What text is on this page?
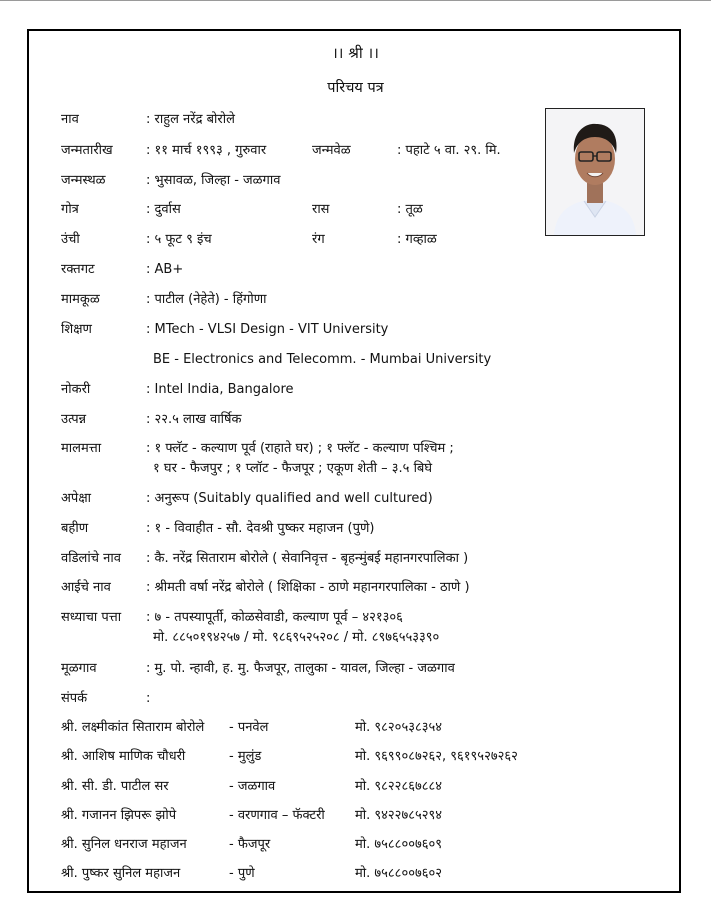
।। श्री ।।
परिचय पत्र
नाव	: राहुल नरेंद्र बोरोले
जन्मतारीख	: ११ मार्च १९९३ , गुरुवार	जन्मवेळ	: पहाटे ५ वा. २९. मि.
जन्मस्थळ	: भुसावळ, जिल्हा - जळगाव
गोत्र	: दुर्वास	रास	: तूळ
उंची	: ५ फूट ९ इंच	रंग	: गव्हाळ
रक्तगट	: AB+
मामकूळ	: पाटील (नेहेते) - हिंगोणा
शिक्षण	: MTech - VLSI Design - VIT University
BE - Electronics and Telecomm. - Mumbai University
नोकरी	: Intel India, Bangalore
उत्पन्न	: २२.५ लाख वार्षिक
मालमत्ता	: १ फ्लॅट - कल्याण पूर्व (राहाते घर) ; १ फ्लॅट - कल्याण पश्चिम ;
१ घर - फैजपुर ; १ प्लॉट - फैजपूर ; एकूण शेती – ३.५ बिघे
अपेक्षा	: अनुरूप (Suitably qualified and well cultured)
बहीण	: १ - विवाहीत - सौ. देवश्री पुष्कर महाजन (पुणे)
वडिलांचे नाव : कै. नरेंद्र सिताराम बोरोले ( सेवानिवृत्त - बृहन्मुंबई महानगरपालिका )
आईचे नाव	: श्रीमती वर्षा नरेंद्र बोरोले ( शिक्षिका - ठाणे महानगरपालिका - ठाणे )
सध्याचा पत्ता : ७ - तपस्यापूर्ती, कोळसेवाडी, कल्याण पूर्व – ४२१३०६
मो. ८८५०१९४२५७ / मो. ९८६९५२५२०८ / मो. ८९७६५५३३९०
मूळगाव	: मु. पो. न्हावी, ह. मु. फैजपूर, तालुका - यावल, जिल्हा - जळगाव
संपर्क	:
श्री. लक्ष्मीकांत सिताराम बोरोले - पनवेल	मो. ९८२०५३८३५४
श्री. आशिष माणिक चौधरी	- मुलुंड	मो. ९६९९०८७२६२, ९६१९५२७२६२
श्री. सी. डी. पाटील सर	- जळगाव	मो. ९८२२८६७८८४
श्री. गजानन झिपरू झोपे	- वरणगाव – फॅक्टरी मो. ९४२२७८५२९४
श्री. सुनिल धनराज महाजन	- फैजपूर	मो. ७५८८००७६०९
श्री. पुष्कर सुनिल महाजन	- पुणे	मो. ७५८८००७६०२
